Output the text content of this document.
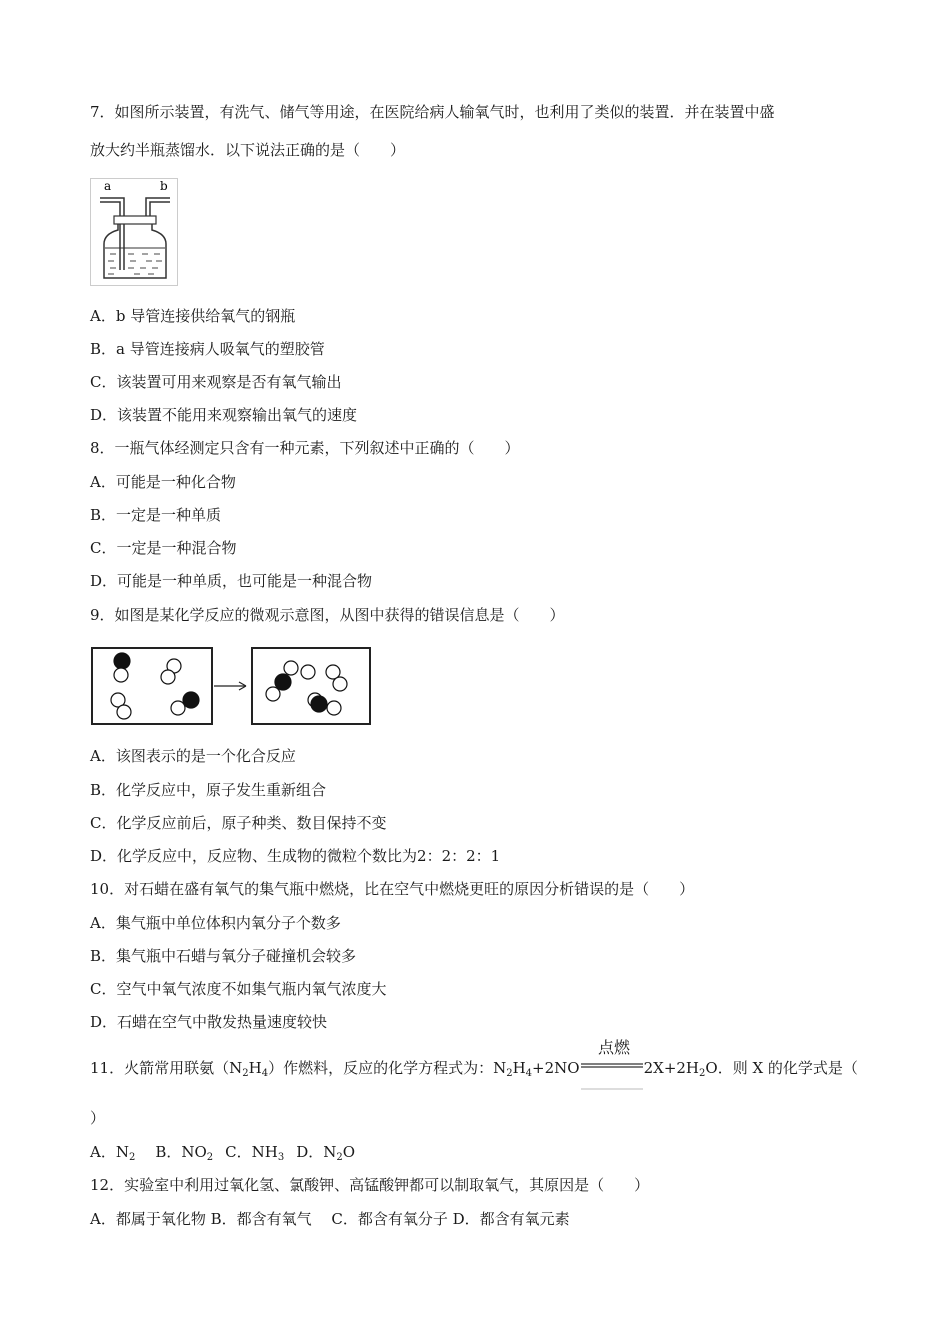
7．如图所示装置，有洗气、储气等用途，在医院给病人输氧气时，也利用了类似的装置．并在装置中盛
放大约半瓶蒸馏水．以下说法正确的是（　　）
a	b
A．b 导管连接供给氧气的钢瓶
B．a 导管连接病人吸氧气的塑胶管
C．该装置可用来观察是否有氧气输出
D．该装置不能用来观察输出氧气的速度
8．一瓶气体经测定只含有一种元素，下列叙述中正确的（　　）
A．可能是一种化合物
B．一定是一种单质
C．一定是一种混合物
D．可能是一种单质，也可能是一种混合物
9．如图是某化学反应的微观示意图，从图中获得的错误信息是（　　）
A．该图表示的是一个化合反应
B．化学反应中，原子发生重新组合
C．化学反应前后，原子种类、数目保持不变
D．化学反应中，反应物、生成物的微粒个数比为2：2：2：1
10．对石蜡在盛有氧气的集气瓶中燃烧，比在空气中燃烧更旺的原因分析错误的是（　　）
A．集气瓶中单位体积内氧分子个数多
B．集气瓶中石蜡与氧分子碰撞机会较多
C．空气中氧气浓度不如集气瓶内氧气浓度大
D．石蜡在空气中散发热量速度较快
11．火箭常用联氨$(N_2H_4)$作燃料，反应的化学方程式为：$N_2H_4+2NO$	$2X+2H_2O$．则 X 的化学式是（
点燃
）
A．$N_2$ B．$NO_2$ C．$NH_3$ D．$N_2O$
12．实验室中利用过氧化氢、氯酸钾、高锰酸钾都可以制取氧气，其原因是（　　）
A．都属于氧化物 B．都含有氧气　 C．都含有氧分子 D．都含有氧元素
